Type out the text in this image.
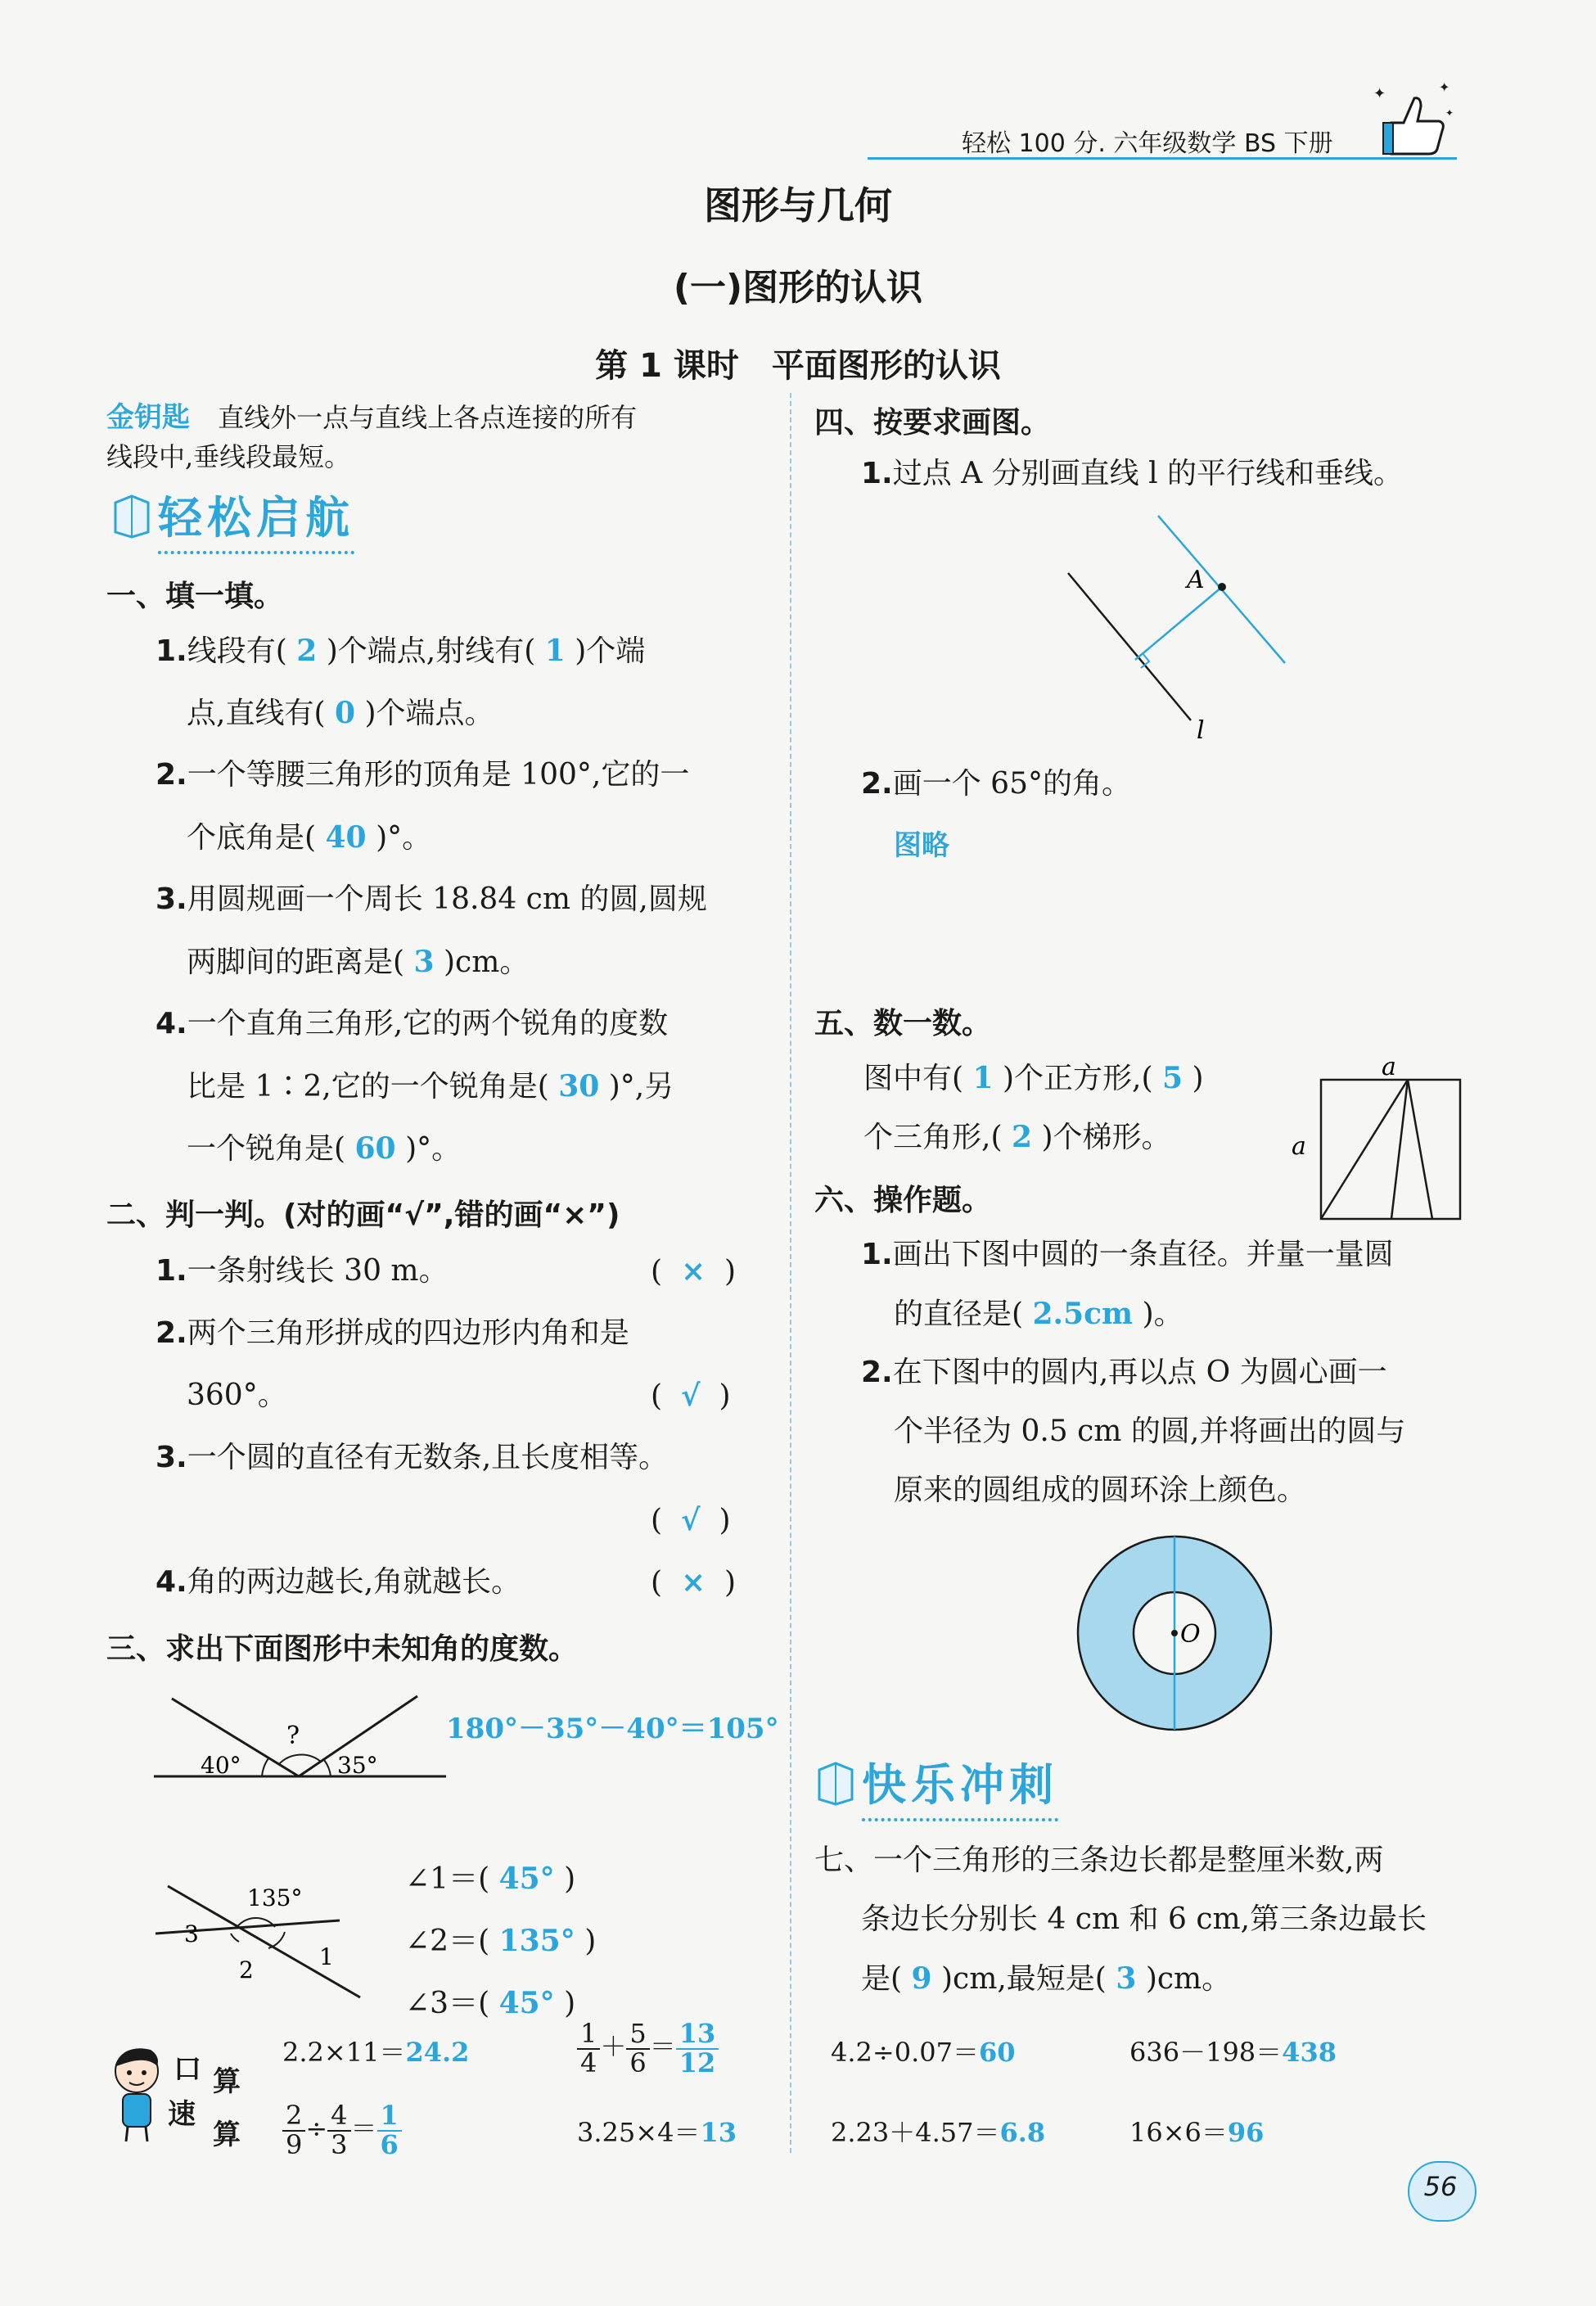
轻松 100 分. 六年级数学 BS 下册
✦	✦
✦
图形与几何
(一)图形的认识
第 1 课时　平面图形的认识
金钥匙 直线外一点与直线上各点连接的所有
线段中,垂线段最短。
轻松启航
一、填一填。
1.线段有( 2 )个端点,射线有( 1 )个端
点,直线有( 0 )个端点。
2.一个等腰三角形的顶角是 100°,它的一
个底角是( 40 )°。
3.用圆规画一个周长 18.84 cm 的圆,圆规
两脚间的距离是( 3 )cm。
4.一个直角三角形,它的两个锐角的度数
比是 1∶2,它的一个锐角是( 30 )°,另
一个锐角是( 60 )°。
二、判一判。(对的画“√”,错的画“×”)
1.一条射线长 30 m。	(  ×  )
2.两个三角形拼成的四边形内角和是
360°。	(  √  )
3.一个圆的直径有无数条,且长度相等。
(  √  )
4.角的两边越长,角就越长。	(  ×  )
三、求出下面图形中未知角的度数。
?
40°	35°
180°－35°－40°＝105°
135°
3
2	1
∠1＝( 45° )
∠2＝( 135° )
∠3＝( 45° )
口 算
速
算
2.2×11＝24.2	$\frac{1}{4} + \frac{5}{6} = \frac{13}{12}$	4.2÷0.07＝60	636－198＝438
$\frac{2}{9} \div \frac{4}{3} = \frac{1}{6}$	3.25×4＝13	2.23＋4.57＝6.8	16×6＝96
四、按要求画图。
1.过点 A 分别画直线 l 的平行线和垂线。
A
l
2.画一个 65°的角。
图略
五、数一数。
图中有( 1 )个正方形,( 5 )
个三角形,( 2 )个梯形。
a
a
六、操作题。
1.画出下图中圆的一条直径。并量一量圆
的直径是( 2.5cm )。
2.在下图中的圆内,再以点 O 为圆心画一
个半径为 0.5 cm 的圆,并将画出的圆与
原来的圆组成的圆环涂上颜色。
O
快乐冲刺
七、一个三角形的三条边长都是整厘米数,两
条边长分别长 4 cm 和 6 cm,第三条边最长
是( 9 )cm,最短是( 3 )cm。
56
